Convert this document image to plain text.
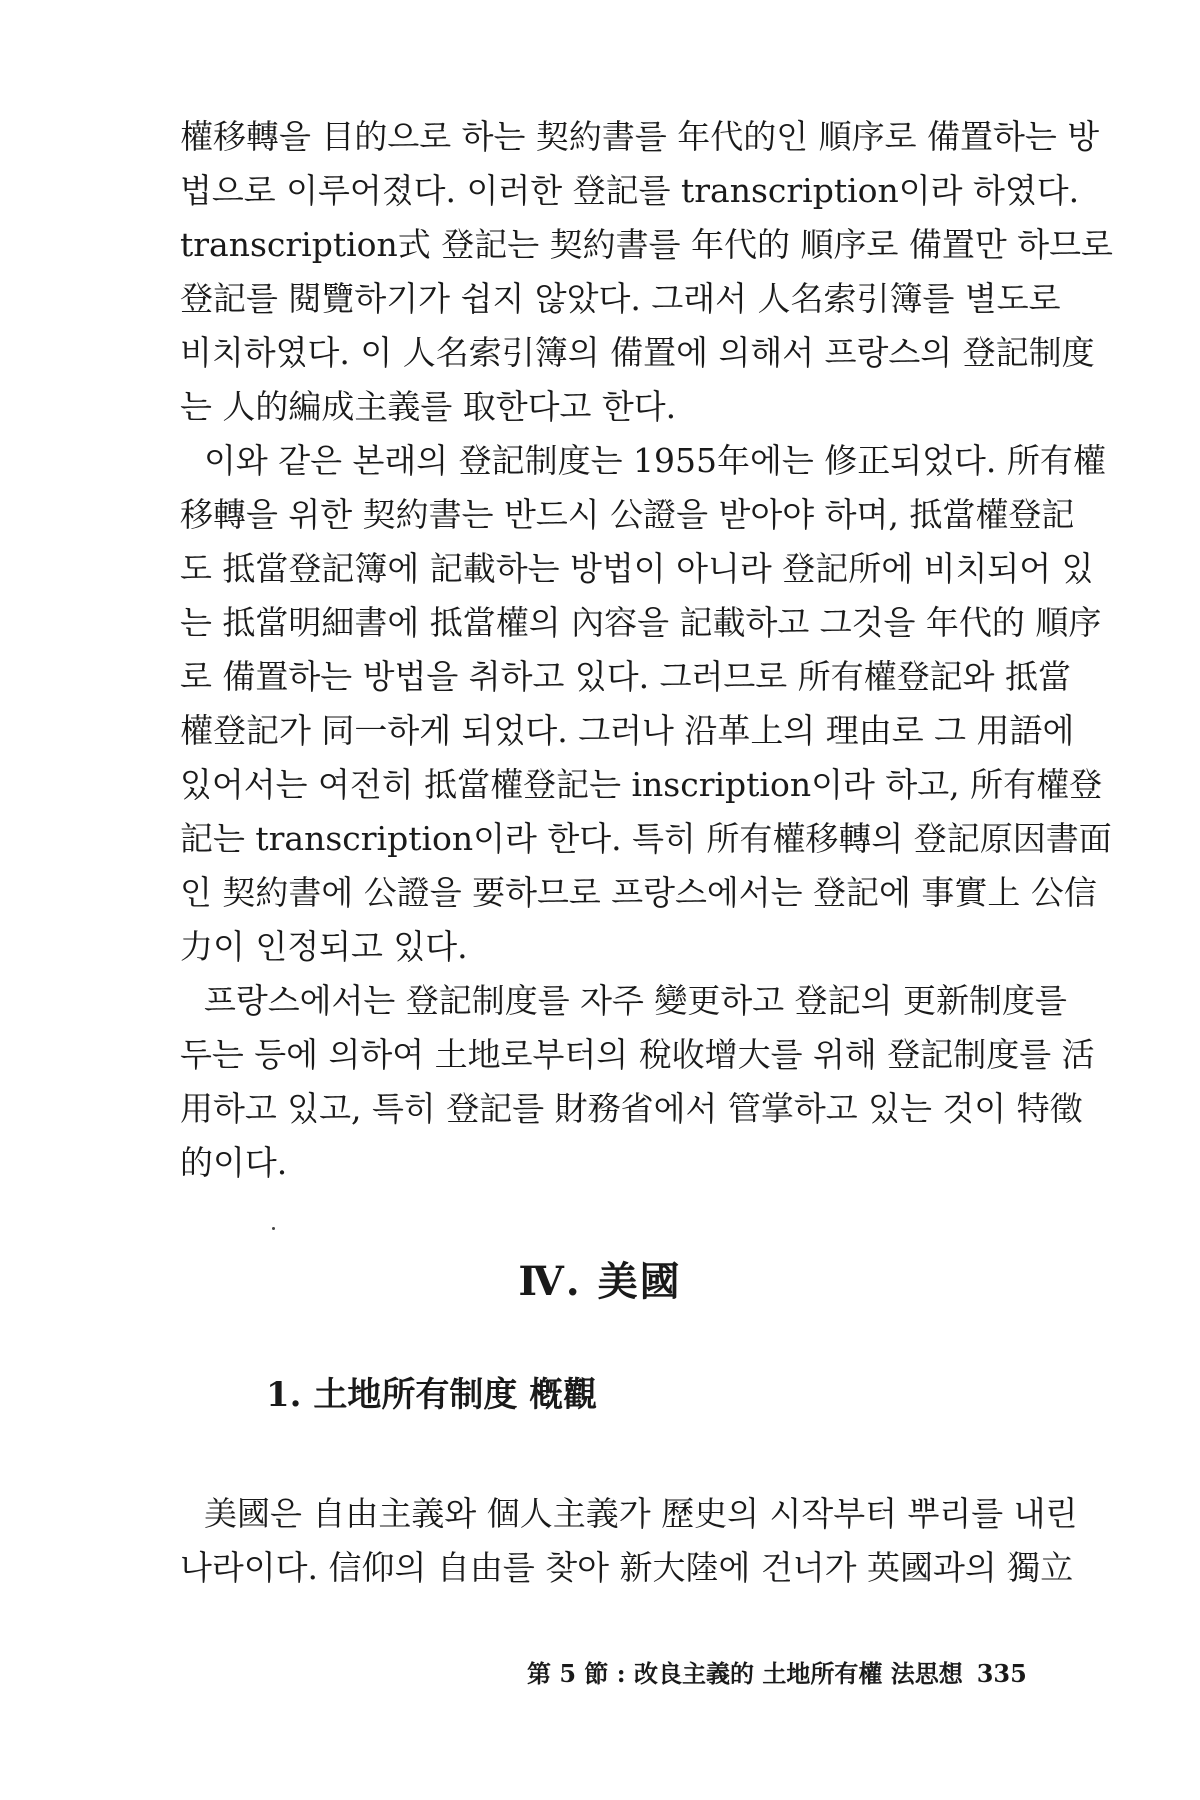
權移轉을 目的으로 하는 契約書를 年代的인 順序로 備置하는 방
법으로 이루어졌다. 이러한 登記를 transcription이라 하였다.
transcription式 登記는 契約書를 年代的 順序로 備置만 하므로
登記를 閱覽하기가 쉽지 않았다. 그래서 人名索引簿를 별도로
비치하였다. 이 人名索引簿의 備置에 의해서 프랑스의 登記制度
는 人的編成主義를 取한다고 한다.
이와 같은 본래의 登記制度는 1955年에는 修正되었다. 所有權
移轉을 위한 契約書는 반드시 公證을 받아야 하며, 抵當權登記
도 抵當登記簿에 記載하는 방법이 아니라 登記所에 비치되어 있
는 抵當明細書에 抵當權의 內容을 記載하고 그것을 年代的 順序
로 備置하는 방법을 취하고 있다. 그러므로 所有權登記와 抵當
權登記가 同一하게 되었다. 그러나 沿革上의 理由로 그 用語에
있어서는 여전히 抵當權登記는 inscription이라 하고, 所有權登
記는 transcription이라 한다. 특히 所有權移轉의 登記原因書面
인 契約書에 公證을 要하므로 프랑스에서는 登記에 事實上 公信
力이 인정되고 있다.
프랑스에서는 登記制度를 자주 變更하고 登記의 更新制度를
두는 등에 의하여 土地로부터의 稅收增大를 위해 登記制度를 活
用하고 있고, 특히 登記를 財務省에서 管掌하고 있는 것이 特徵
的이다.
美國은 自由主義와 個人主義가 歷史의 시작부터 뿌리를 내린
나라이다. 信仰의 自由를 찾아 新大陸에 건너가 英國과의 獨立
Ⅳ. 美國
1. 土地所有制度 槪觀
第 5 節 : 改良主義的 土地所有權 法思想 335
